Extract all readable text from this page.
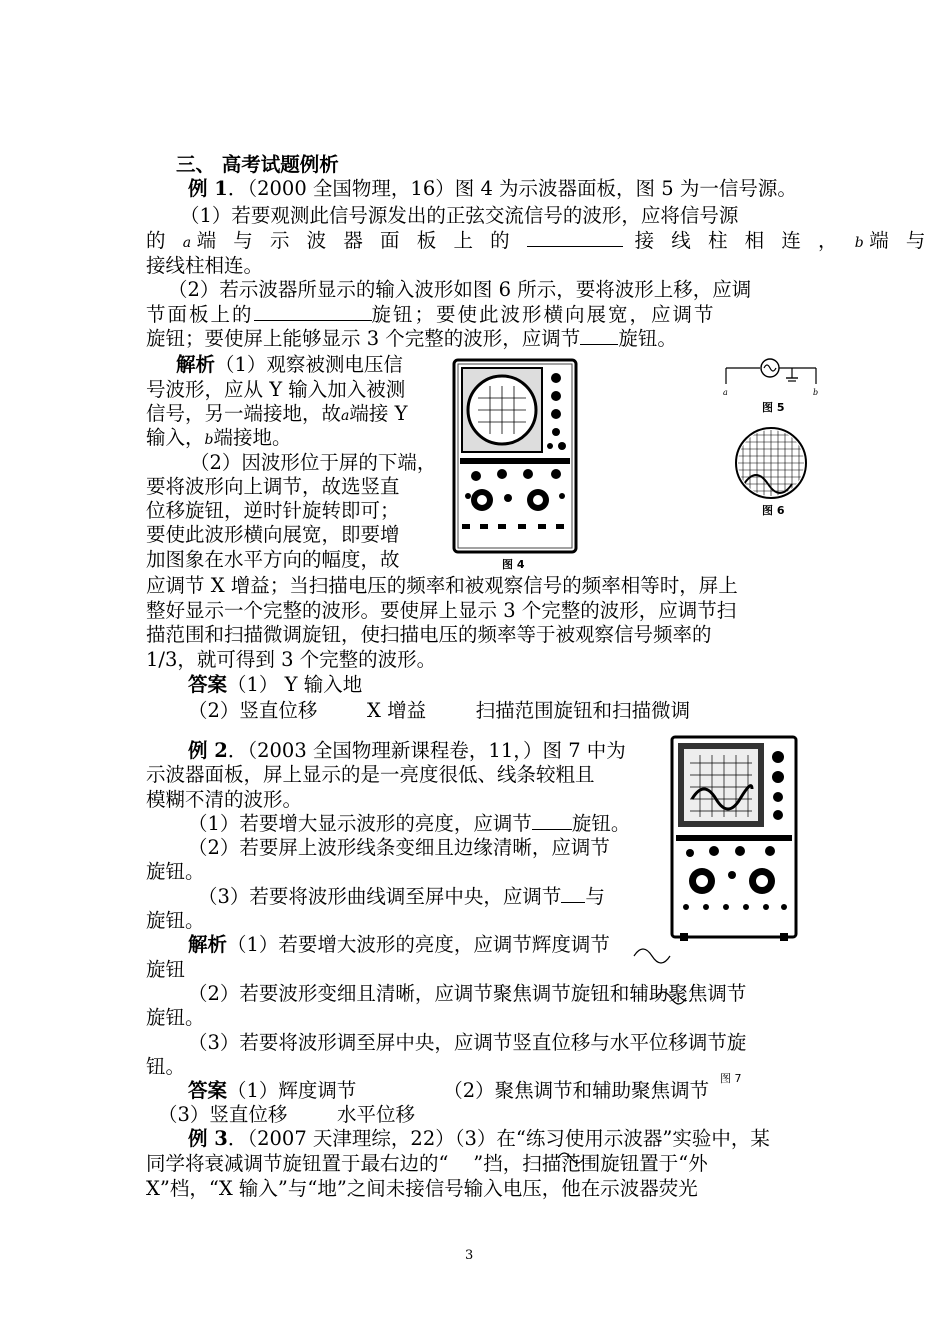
三、 高考试题例析
例 1．（2000 全国物理，16）图 4 为示波器面板，图 5 为一信号源。
（1）若要观测此信号源发出的正弦交流信号的波形，应将信号源
的 a端 与 示 波 器 面 板 上 的	接 线 柱 相 连 ， b端 与
接线柱相连。
（2）若示波器所显示的输入波形如图 6 所示，要将波形上移，应调
节面板上的	旋钮；要使此波形横向展宽，应调节
旋钮；要使屏上能够显示 3 个完整的波形，应调节 旋钮。
解析（1）观察被测电压信
号波形，应从 Y 输入加入被测
信号，另一端接地，故a端接 Y
输入，b端接地。
（2）因波形位于屏的下端，
要将波形向上调节，故选竖直
位移旋钮，逆时针旋转即可；
要使此波形横向展宽，即要增
加图象在水平方向的幅度，故
应调节 X 增益；当扫描电压的频率和被观察信号的频率相等时，屏上
整好显示一个完整的波形。要使屏上显示 3 个完整的波形，应调节扫
描范围和扫描微调旋钮，使扫描电压的频率等于被观察信号频率的
1/3，就可得到 3 个完整的波形。
答案（1） Y 输入地
（2）竖直位移        X 增益        扫描范围旋钮和扫描微调
图 4
a	b
图 5
图 6
例 2．（2003 全国物理新课程卷，11，）图 7 中为
示波器面板，屏上显示的是一亮度很低、线条较粗且
模糊不清的波形。
（1）若要增大显示波形的亮度，应调节 旋钮。
（2）若要屏上波形线条变细且边缘清晰，应调节
旋钮。
（3）若要将波形曲线调至屏中央，应调节 与
旋钮。
解析（1）若要增大波形的亮度，应调节辉度调节
旋钮
（2）若要波形变细且清晰，应调节聚焦调节旋钮和辅助聚焦调节
旋钮。
（3）若要将波形调至屏中央，应调节竖直位移与水平位移调节旋
钮。
答案（1）辉度调节              （2）聚焦调节和辅助聚焦调节
（3）竖直位移        水平位移
图 7
例 3．（2007 天津理综，22）（3）在“练习使用示波器”实验中，某
同学将衰减调节旋钮置于最右边的“    ”挡，扫描范围旋钮置于“外
X”档，“X 输入”与“地”之间未接信号输入电压，他在示波器荧光
3
